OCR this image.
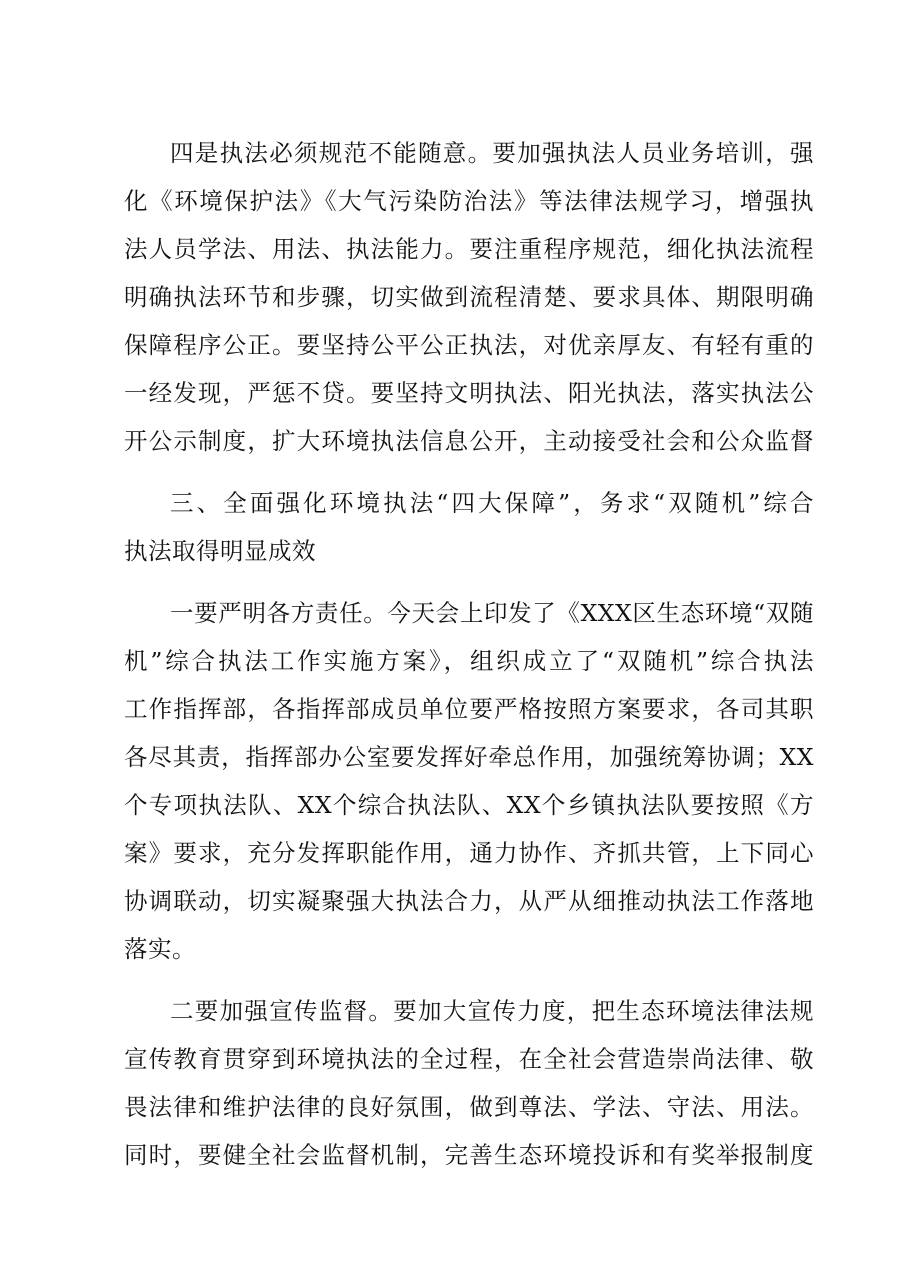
四是执法必须规范不能随意。要加强执法人员业务培训，强
化《环境保护法》《大气污染防治法》等法律法规学习，增强执
法人员学法、用法、执法能力。要注重程序规范，细化执法流程
明确执法环节和步骤，切实做到流程清楚、要求具体、期限明确
保障程序公正。要坚持公平公正执法，对优亲厚友、有轻有重的
一经发现，严惩不贷。要坚持文明执法、阳光执法，落实执法公
开公示制度，扩大环境执法信息公开，主动接受社会和公众监督
三、全面强化环境执法“四大保障”，务求“双随机”综合
执法取得明显成效
一要严明各方责任。今天会上印发了《XXX区生态环境“双随
机”综合执法工作实施方案》，组织成立了“双随机”综合执法
工作指挥部，各指挥部成员单位要严格按照方案要求，各司其职
各尽其责，指挥部办公室要发挥好牵总作用，加强统筹协调；XX
个专项执法队、XX个综合执法队、XX个乡镇执法队要按照《方
案》要求，充分发挥职能作用，通力协作、齐抓共管，上下同心
协调联动，切实凝聚强大执法合力，从严从细推动执法工作落地
落实。
二要加强宣传监督。要加大宣传力度，把生态环境法律法规
宣传教育贯穿到环境执法的全过程，在全社会营造崇尚法律、敬
畏法律和维护法律的良好氛围，做到尊法、学法、守法、用法。
同时，要健全社会监督机制，完善生态环境投诉和有奖举报制度
